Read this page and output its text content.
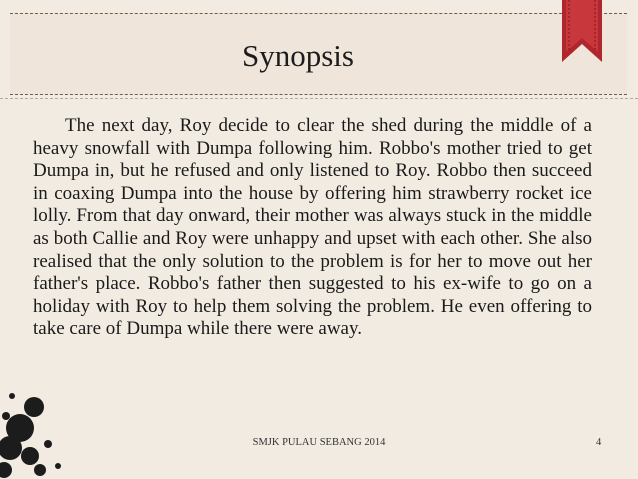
Synopsis

The next day, Roy decide to clear the shed during the middle of a heavy snowfall with Dumpa following him. Robbo's mother tried to get Dumpa in, but he refused and only listened to Roy. Robbo then succeed in coaxing Dumpa into the house by offering him strawberry rocket ice lolly. From that day onward, their mother was always stuck in the middle as both Callie and Roy were unhappy and upset with each other. She also realised that the only solution to the problem is for her to move out her father's place. Robbo's father then suggested to his ex-wife to go on a holiday with Roy to help them solving the problem. He even offering to take care of Dumpa while there were away.

SMJK PULAU SEBANG 2014	4
